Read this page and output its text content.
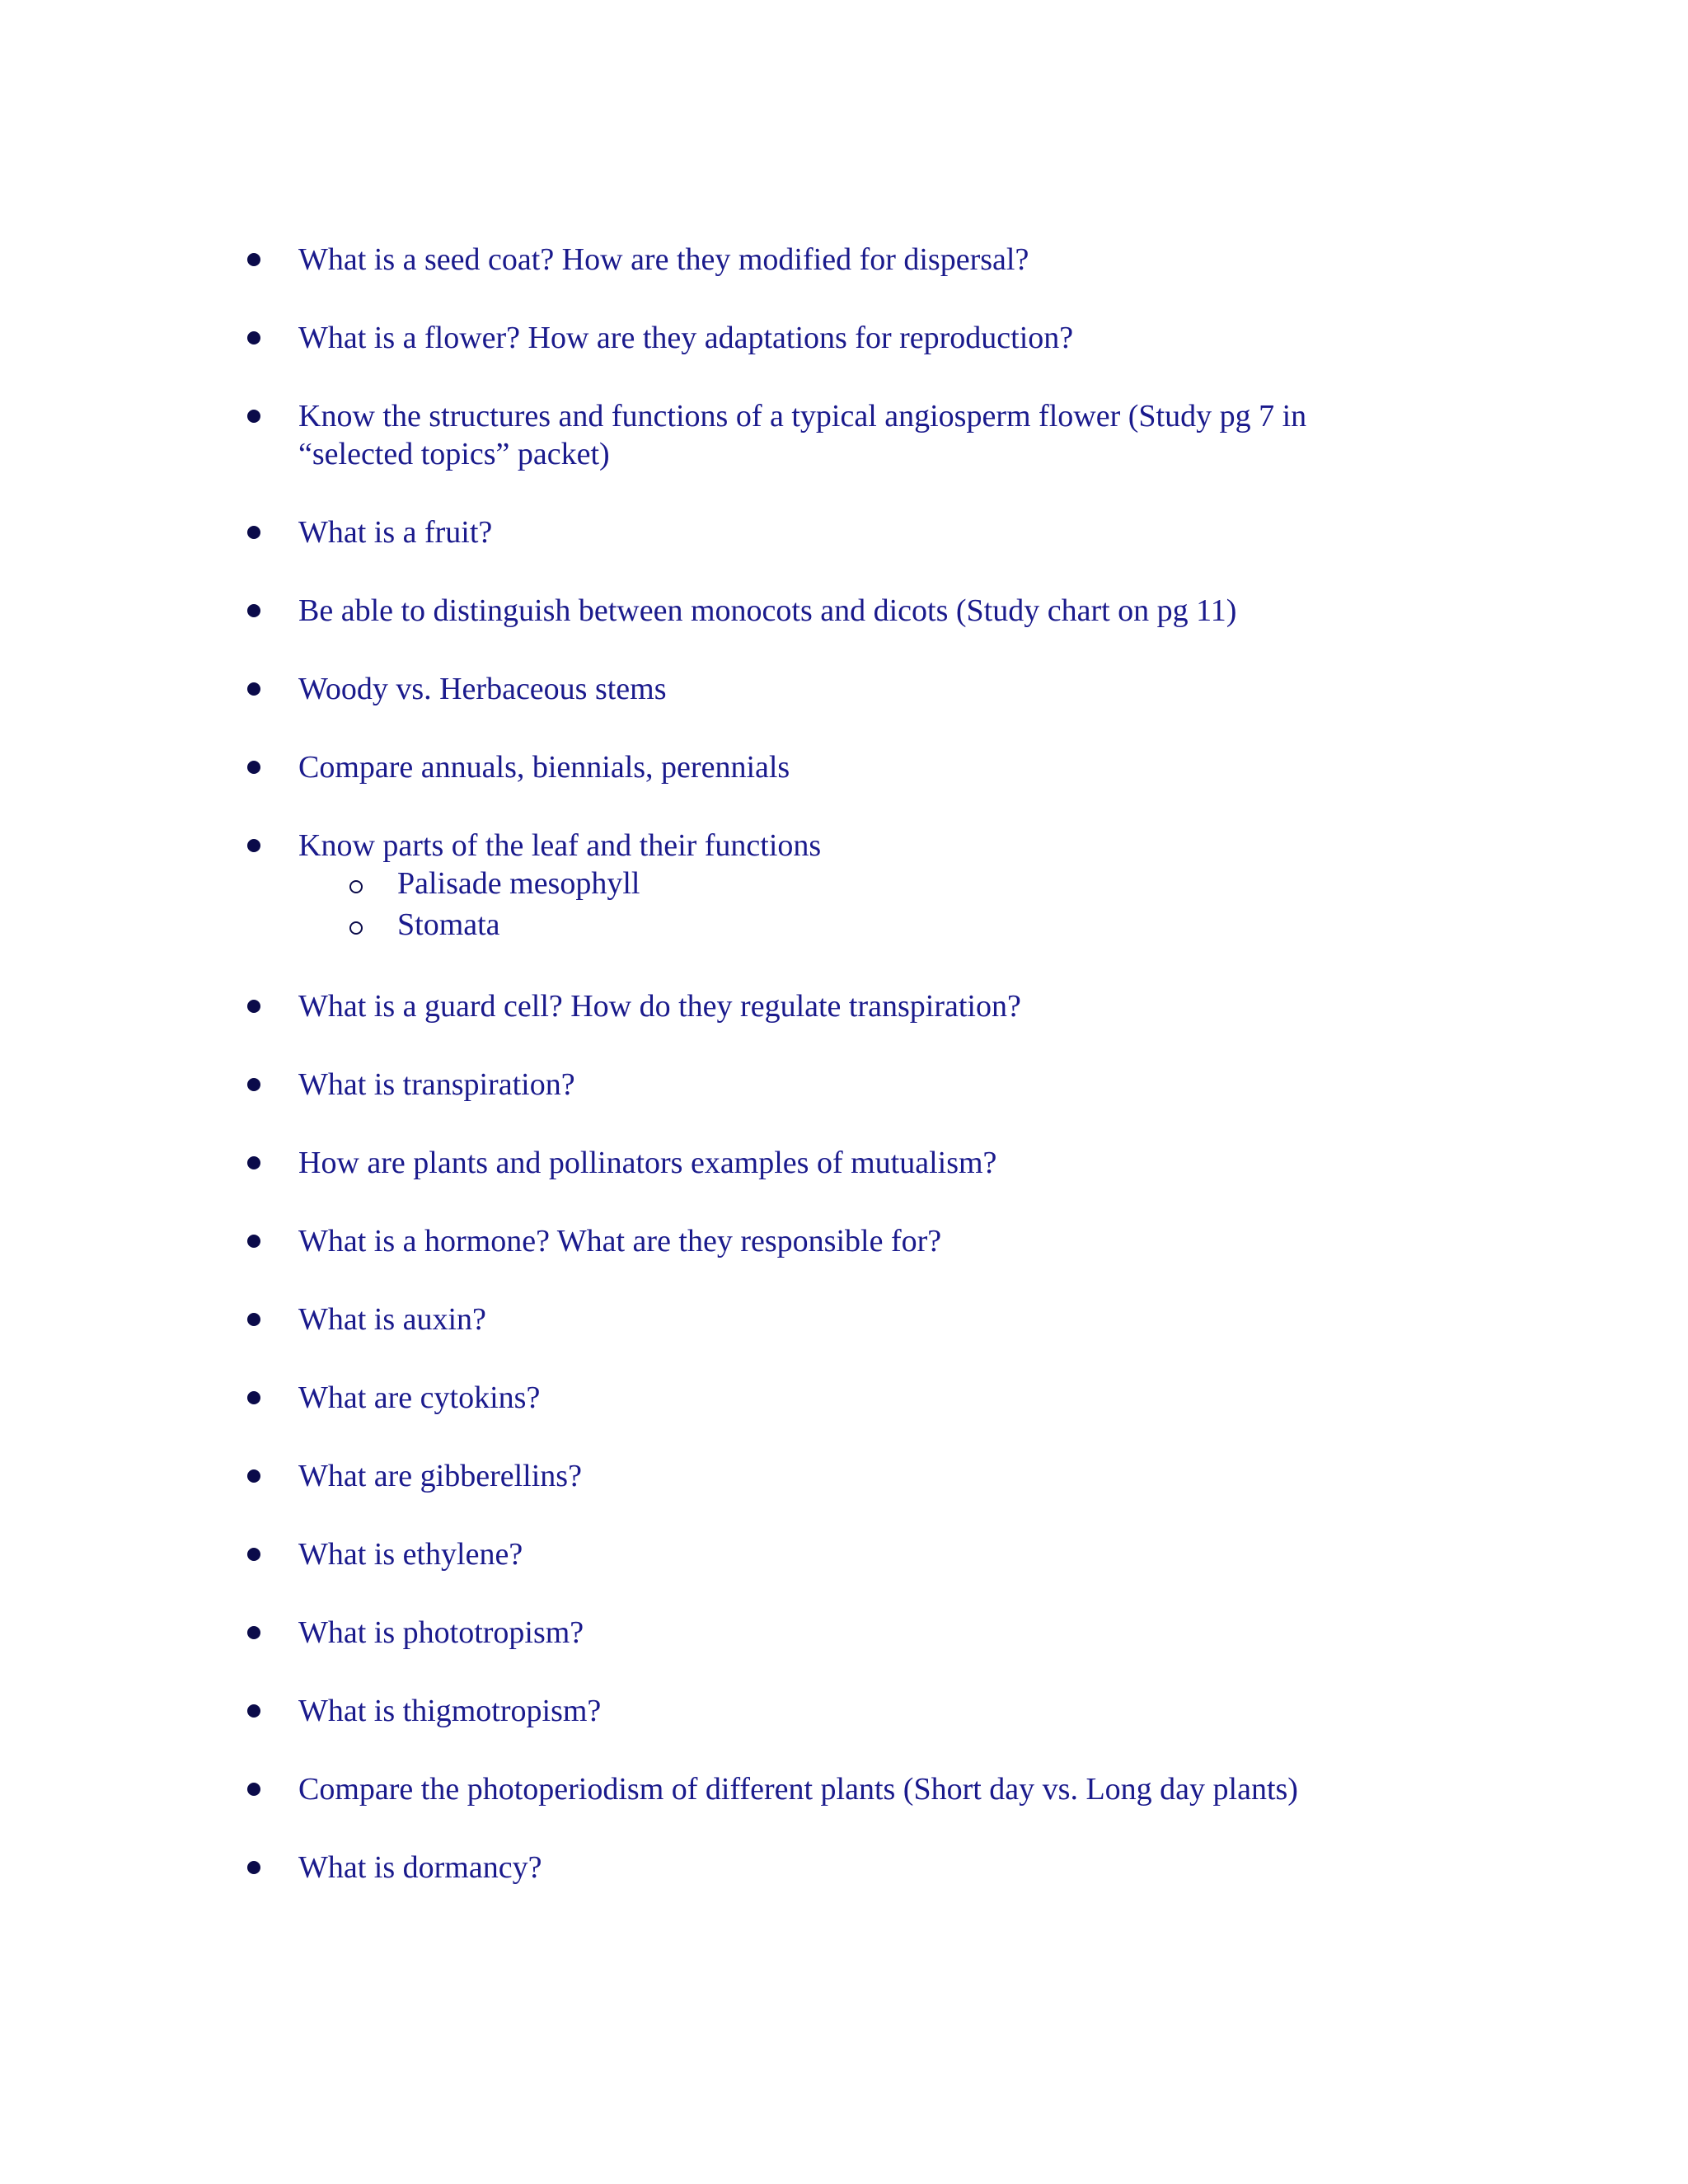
What is a seed coat? How are they modified for dispersal?
What is a flower? How are they adaptations for reproduction?
Know the structures and functions of a typical angiosperm flower (Study pg 7 in
“selected topics” packet)
What is a fruit?
Be able to distinguish between monocots and dicots (Study chart on pg 11)
Woody vs. Herbaceous stems
Compare annuals, biennials, perennials
Know parts of the leaf and their functions
Palisade mesophyll
Stomata
What is a guard cell? How do they regulate transpiration?
What is transpiration?
How are plants and pollinators examples of mutualism?
What is a hormone? What are they responsible for?
What is auxin?
What are cytokins?
What are gibberellins?
What is ethylene?
What is phototropism?
What is thigmotropism?
Compare the photoperiodism of different plants (Short day vs. Long day plants)
What is dormancy?
